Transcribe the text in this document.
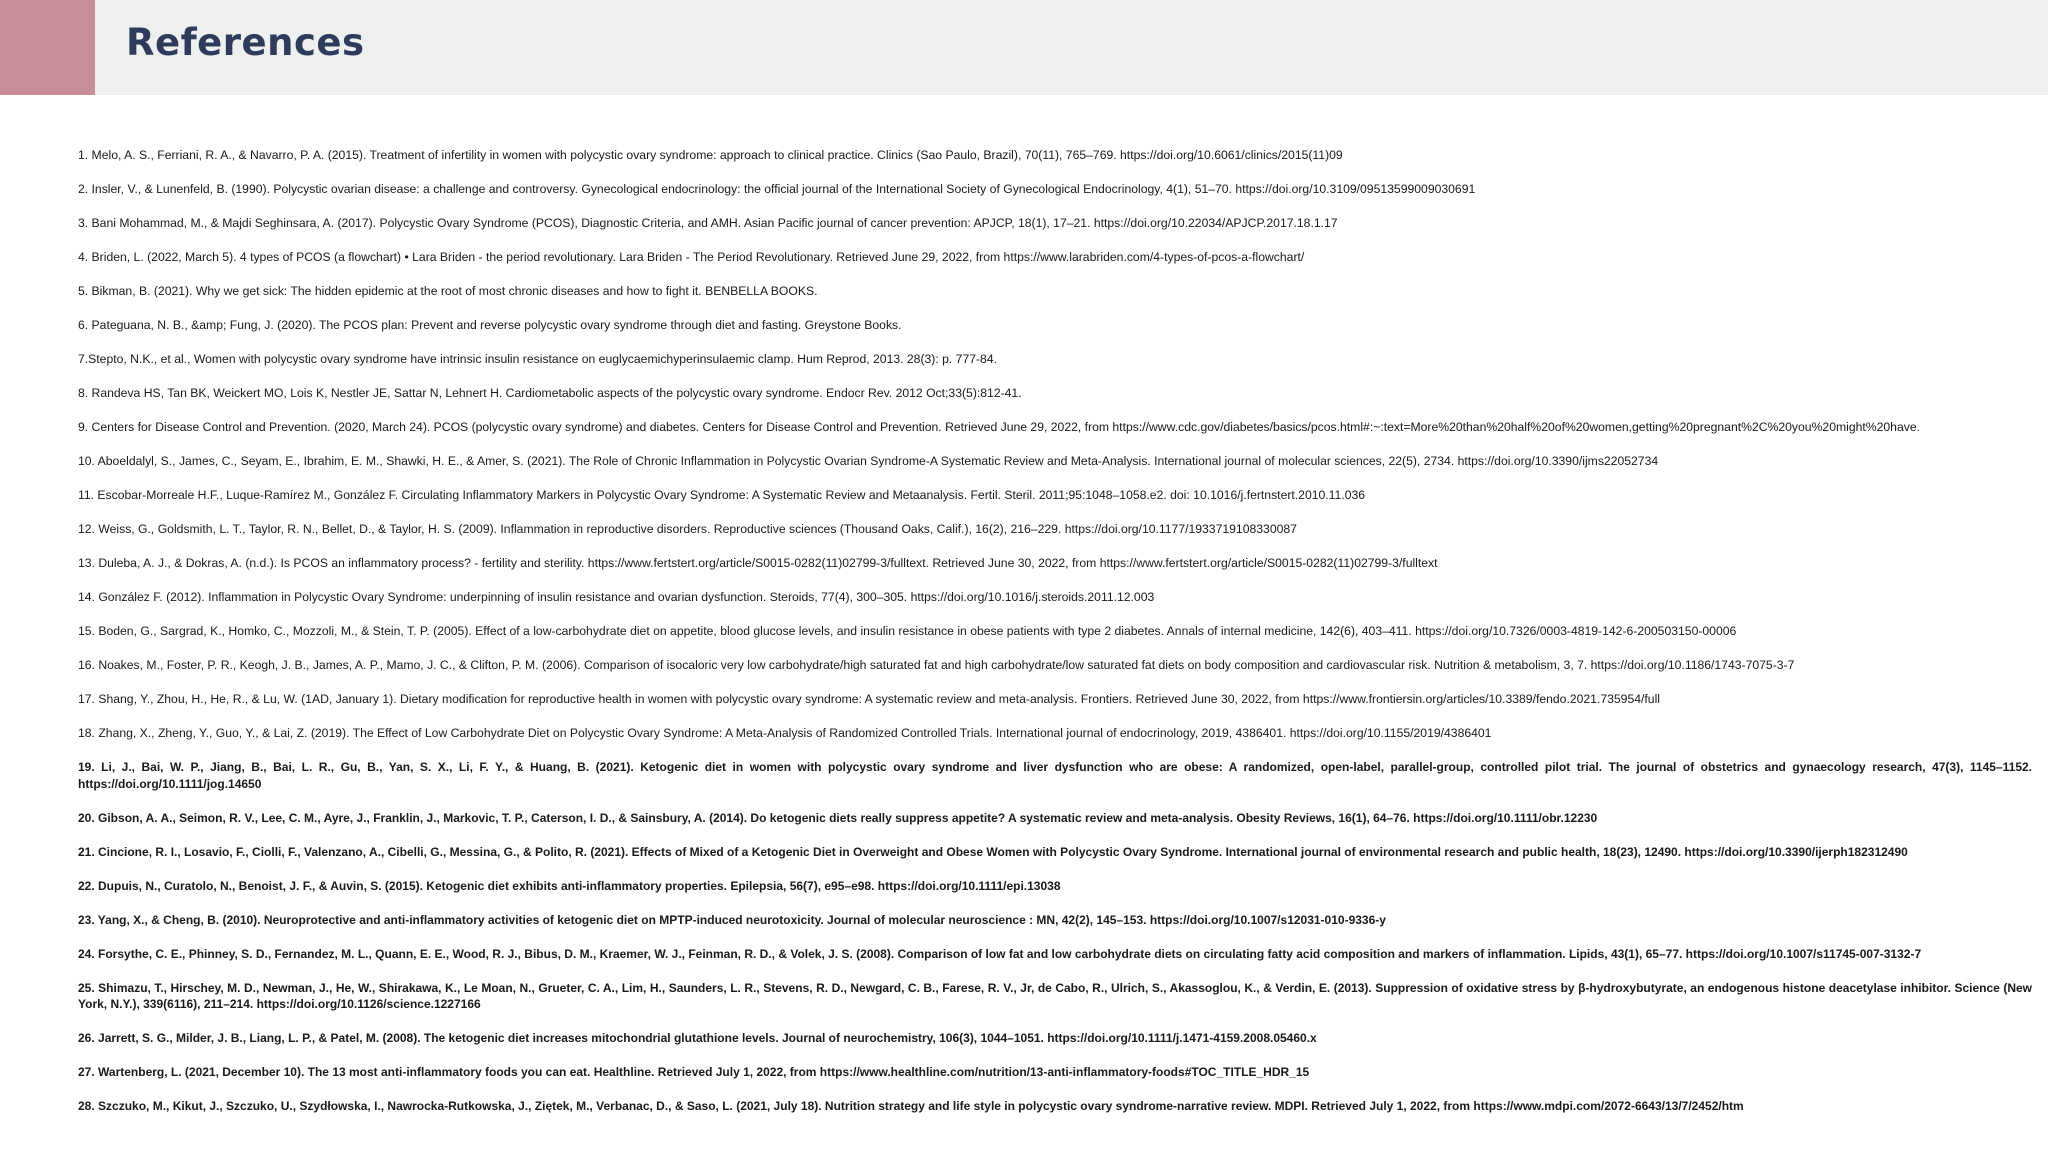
References
1. Melo, A. S., Ferriani, R. A., & Navarro, P. A. (2015). Treatment of infertility in women with polycystic ovary syndrome: approach to clinical practice. Clinics (Sao Paulo, Brazil), 70(11), 765–769. https://doi.org/10.6061/clinics/2015(11)09
2. Insler, V., & Lunenfeld, B. (1990). Polycystic ovarian disease: a challenge and controversy. Gynecological endocrinology: the official journal of the International Society of Gynecological Endocrinology, 4(1), 51–70. https://doi.org/10.3109/09513599009030691
3. Bani Mohammad, M., & Majdi Seghinsara, A. (2017). Polycystic Ovary Syndrome (PCOS), Diagnostic Criteria, and AMH. Asian Pacific journal of cancer prevention: APJCP, 18(1), 17–21. https://doi.org/10.22034/APJCP.2017.18.1.17
4. Briden, L. (2022, March 5). 4 types of PCOS (a flowchart) • Lara Briden - the period revolutionary. Lara Briden - The Period Revolutionary. Retrieved June 29, 2022, from https://www.larabriden.com/4-types-of-pcos-a-flowchart/
5. Bikman, B. (2021). Why we get sick: The hidden epidemic at the root of most chronic diseases and how to fight it. BENBELLA BOOKS.
6. Pateguana, N. B., &amp; Fung, J. (2020). The PCOS plan: Prevent and reverse polycystic ovary syndrome through diet and fasting. Greystone Books.
7.Stepto, N.K., et al., Women with polycystic ovary syndrome have intrinsic insulin resistance on euglycaemichyperinsulaemic clamp. Hum Reprod, 2013. 28(3): p. 777-84.
8. Randeva HS, Tan BK, Weickert MO, Lois K, Nestler JE, Sattar N, Lehnert H. Cardiometabolic aspects of the polycystic ovary syndrome. Endocr Rev. 2012 Oct;33(5):812-41.
9. Centers for Disease Control and Prevention. (2020, March 24). PCOS (polycystic ovary syndrome) and diabetes. Centers for Disease Control and Prevention. Retrieved June 29, 2022, from https://www.cdc.gov/diabetes/basics/pcos.html#:~:text=More%20than%20half%20of%20women,getting%20pregnant%2C%20you%20might%20have.
10. Aboeldalyl, S., James, C., Seyam, E., Ibrahim, E. M., Shawki, H. E., & Amer, S. (2021). The Role of Chronic Inflammation in Polycystic Ovarian Syndrome-A Systematic Review and Meta-Analysis. International journal of molecular sciences, 22(5), 2734. https://doi.org/10.3390/ijms22052734
11. Escobar-Morreale H.F., Luque-Ramírez M., González F. Circulating Inflammatory Markers in Polycystic Ovary Syndrome: A Systematic Review and Metaanalysis. Fertil. Steril. 2011;95:1048–1058.e2. doi: 10.1016/j.fertnstert.2010.11.036
12. Weiss, G., Goldsmith, L. T., Taylor, R. N., Bellet, D., & Taylor, H. S. (2009). Inflammation in reproductive disorders. Reproductive sciences (Thousand Oaks, Calif.), 16(2), 216–229. https://doi.org/10.1177/1933719108330087
13. Duleba, A. J., & Dokras, A. (n.d.). Is PCOS an inflammatory process? - fertility and sterility. https://www.fertstert.org/article/S0015-0282(11)02799-3/fulltext. Retrieved June 30, 2022, from https://www.fertstert.org/article/S0015-0282(11)02799-3/fulltext
14. González F. (2012). Inflammation in Polycystic Ovary Syndrome: underpinning of insulin resistance and ovarian dysfunction. Steroids, 77(4), 300–305. https://doi.org/10.1016/j.steroids.2011.12.003
15. Boden, G., Sargrad, K., Homko, C., Mozzoli, M., & Stein, T. P. (2005). Effect of a low-carbohydrate diet on appetite, blood glucose levels, and insulin resistance in obese patients with type 2 diabetes. Annals of internal medicine, 142(6), 403–411. https://doi.org/10.7326/0003-4819-142-6-200503150-00006
16. Noakes, M., Foster, P. R., Keogh, J. B., James, A. P., Mamo, J. C., & Clifton, P. M. (2006). Comparison of isocaloric very low carbohydrate/high saturated fat and high carbohydrate/low saturated fat diets on body composition and cardiovascular risk. Nutrition & metabolism, 3, 7. https://doi.org/10.1186/1743-7075-3-7
17. Shang, Y., Zhou, H., He, R., & Lu, W. (1AD, January 1). Dietary modification for reproductive health in women with polycystic ovary syndrome: A systematic review and meta-analysis. Frontiers. Retrieved June 30, 2022, from https://www.frontiersin.org/articles/10.3389/fendo.2021.735954/full
18. Zhang, X., Zheng, Y., Guo, Y., & Lai, Z. (2019). The Effect of Low Carbohydrate Diet on Polycystic Ovary Syndrome: A Meta-Analysis of Randomized Controlled Trials. International journal of endocrinology, 2019, 4386401. https://doi.org/10.1155/2019/4386401
19. Li, J., Bai, W. P., Jiang, B., Bai, L. R., Gu, B., Yan, S. X., Li, F. Y., & Huang, B. (2021). Ketogenic diet in women with polycystic ovary syndrome and liver dysfunction who are obese: A randomized, open-label, parallel-group, controlled pilot trial. The journal of obstetrics and gynaecology research, 47(3), 1145–1152. https://doi.org/10.1111/jog.14650
20. Gibson, A. A., Seimon, R. V., Lee, C. M., Ayre, J., Franklin, J., Markovic, T. P., Caterson, I. D., & Sainsbury, A. (2014). Do ketogenic diets really suppress appetite? A systematic review and meta-analysis. Obesity Reviews, 16(1), 64–76. https://doi.org/10.1111/obr.12230
21. Cincione, R. I., Losavio, F., Ciolli, F., Valenzano, A., Cibelli, G., Messina, G., & Polito, R. (2021). Effects of Mixed of a Ketogenic Diet in Overweight and Obese Women with Polycystic Ovary Syndrome. International journal of environmental research and public health, 18(23), 12490. https://doi.org/10.3390/ijerph182312490
22. Dupuis, N., Curatolo, N., Benoist, J. F., & Auvin, S. (2015). Ketogenic diet exhibits anti-inflammatory properties. Epilepsia, 56(7), e95–e98. https://doi.org/10.1111/epi.13038
23. Yang, X., & Cheng, B. (2010). Neuroprotective and anti-inflammatory activities of ketogenic diet on MPTP-induced neurotoxicity. Journal of molecular neuroscience : MN, 42(2), 145–153. https://doi.org/10.1007/s12031-010-9336-y
24. Forsythe, C. E., Phinney, S. D., Fernandez, M. L., Quann, E. E., Wood, R. J., Bibus, D. M., Kraemer, W. J., Feinman, R. D., & Volek, J. S. (2008). Comparison of low fat and low carbohydrate diets on circulating fatty acid composition and markers of inflammation. Lipids, 43(1), 65–77. https://doi.org/10.1007/s11745-007-3132-7
25. Shimazu, T., Hirschey, M. D., Newman, J., He, W., Shirakawa, K., Le Moan, N., Grueter, C. A., Lim, H., Saunders, L. R., Stevens, R. D., Newgard, C. B., Farese, R. V., Jr, de Cabo, R., Ulrich, S., Akassoglou, K., & Verdin, E. (2013). Suppression of oxidative stress by β-hydroxybutyrate, an endogenous histone deacetylase inhibitor. Science (New York, N.Y.), 339(6116), 211–214. https://doi.org/10.1126/science.1227166
26. Jarrett, S. G., Milder, J. B., Liang, L. P., & Patel, M. (2008). The ketogenic diet increases mitochondrial glutathione levels. Journal of neurochemistry, 106(3), 1044–1051. https://doi.org/10.1111/j.1471-4159.2008.05460.x
27. Wartenberg, L. (2021, December 10). The 13 most anti-inflammatory foods you can eat. Healthline. Retrieved July 1, 2022, from https://www.healthline.com/nutrition/13-anti-inflammatory-foods#TOC_TITLE_HDR_15
28. Szczuko, M., Kikut, J., Szczuko, U., Szydłowska, I., Nawrocka-Rutkowska, J., Ziętek, M., Verbanac, D., & Saso, L. (2021, July 18). Nutrition strategy and life style in polycystic ovary syndrome-narrative review. MDPI. Retrieved July 1, 2022, from https://www.mdpi.com/2072-6643/13/7/2452/htm
